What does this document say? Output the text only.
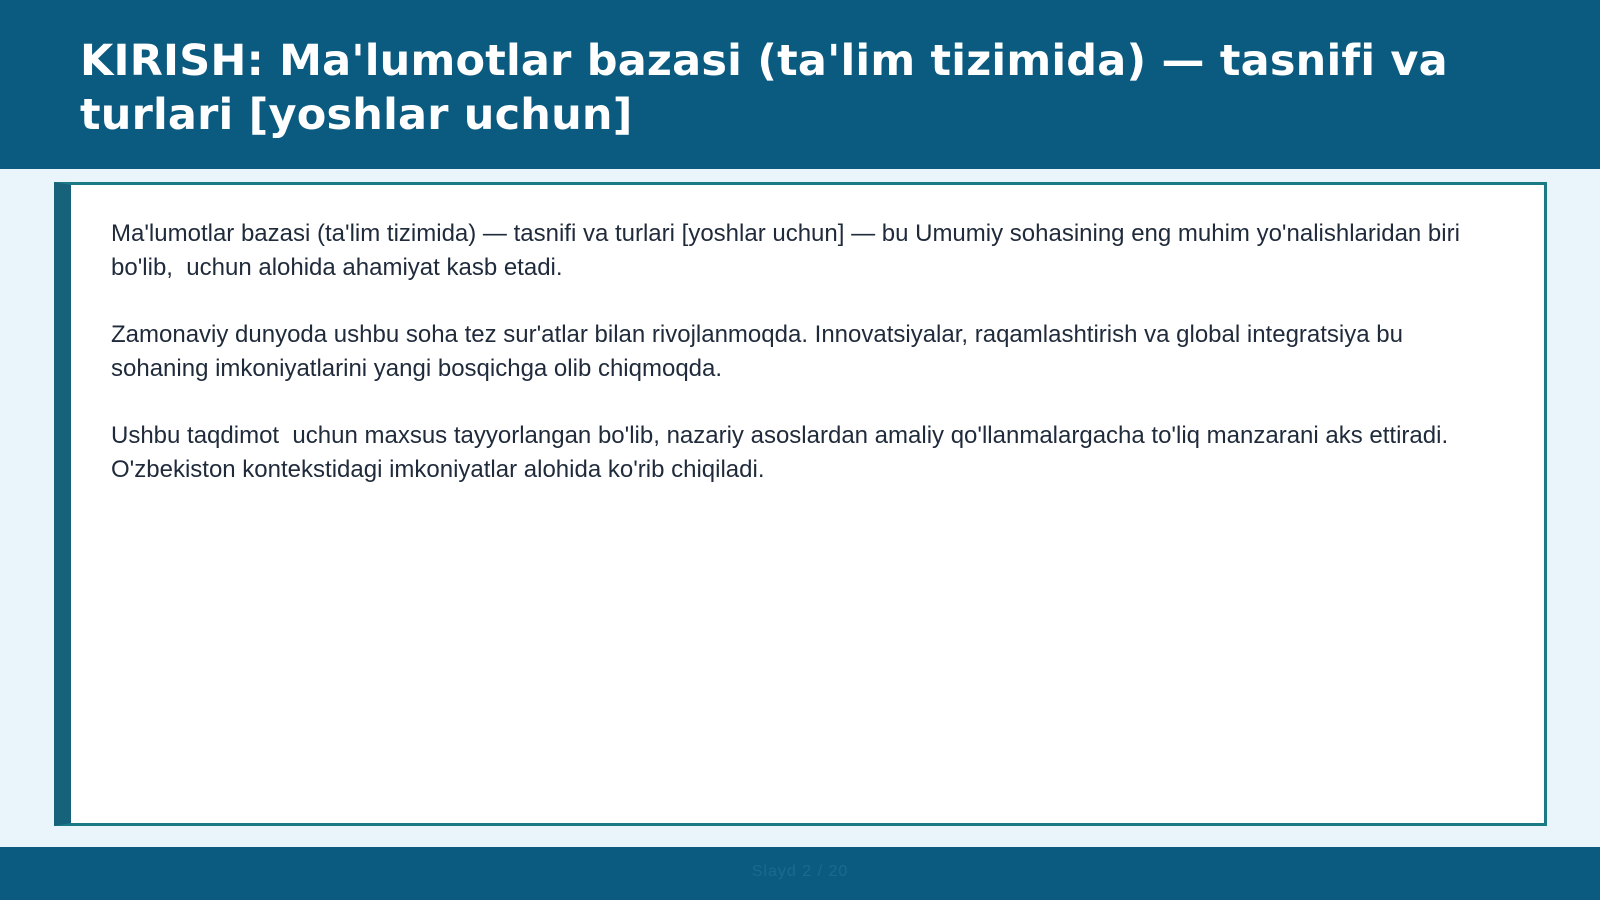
KIRISH: Ma'lumotlar bazasi (ta'lim tizimida) — tasnifi va turlari [yoshlar uchun]

Ma'lumotlar bazasi (ta'lim tizimida) — tasnifi va turlari [yoshlar uchun] — bu Umumiy sohasining eng muhim yo'nalishlaridan biri bo'lib,  uchun alohida ahamiyat kasb etadi.

Zamonaviy dunyoda ushbu soha tez sur'atlar bilan rivojlanmoqda. Innovatsiyalar, raqamlashtirish va global integratsiya bu sohaning imkoniyatlarini yangi bosqichga olib chiqmoqda.

Ushbu taqdimot  uchun maxsus tayyorlangan bo'lib, nazariy asoslardan amaliy qo'llanmalargacha to'liq manzarani aks ettiradi. O'zbekiston kontekstidagi imkoniyatlar alohida ko'rib chiqiladi.

Slayd 2 / 20
